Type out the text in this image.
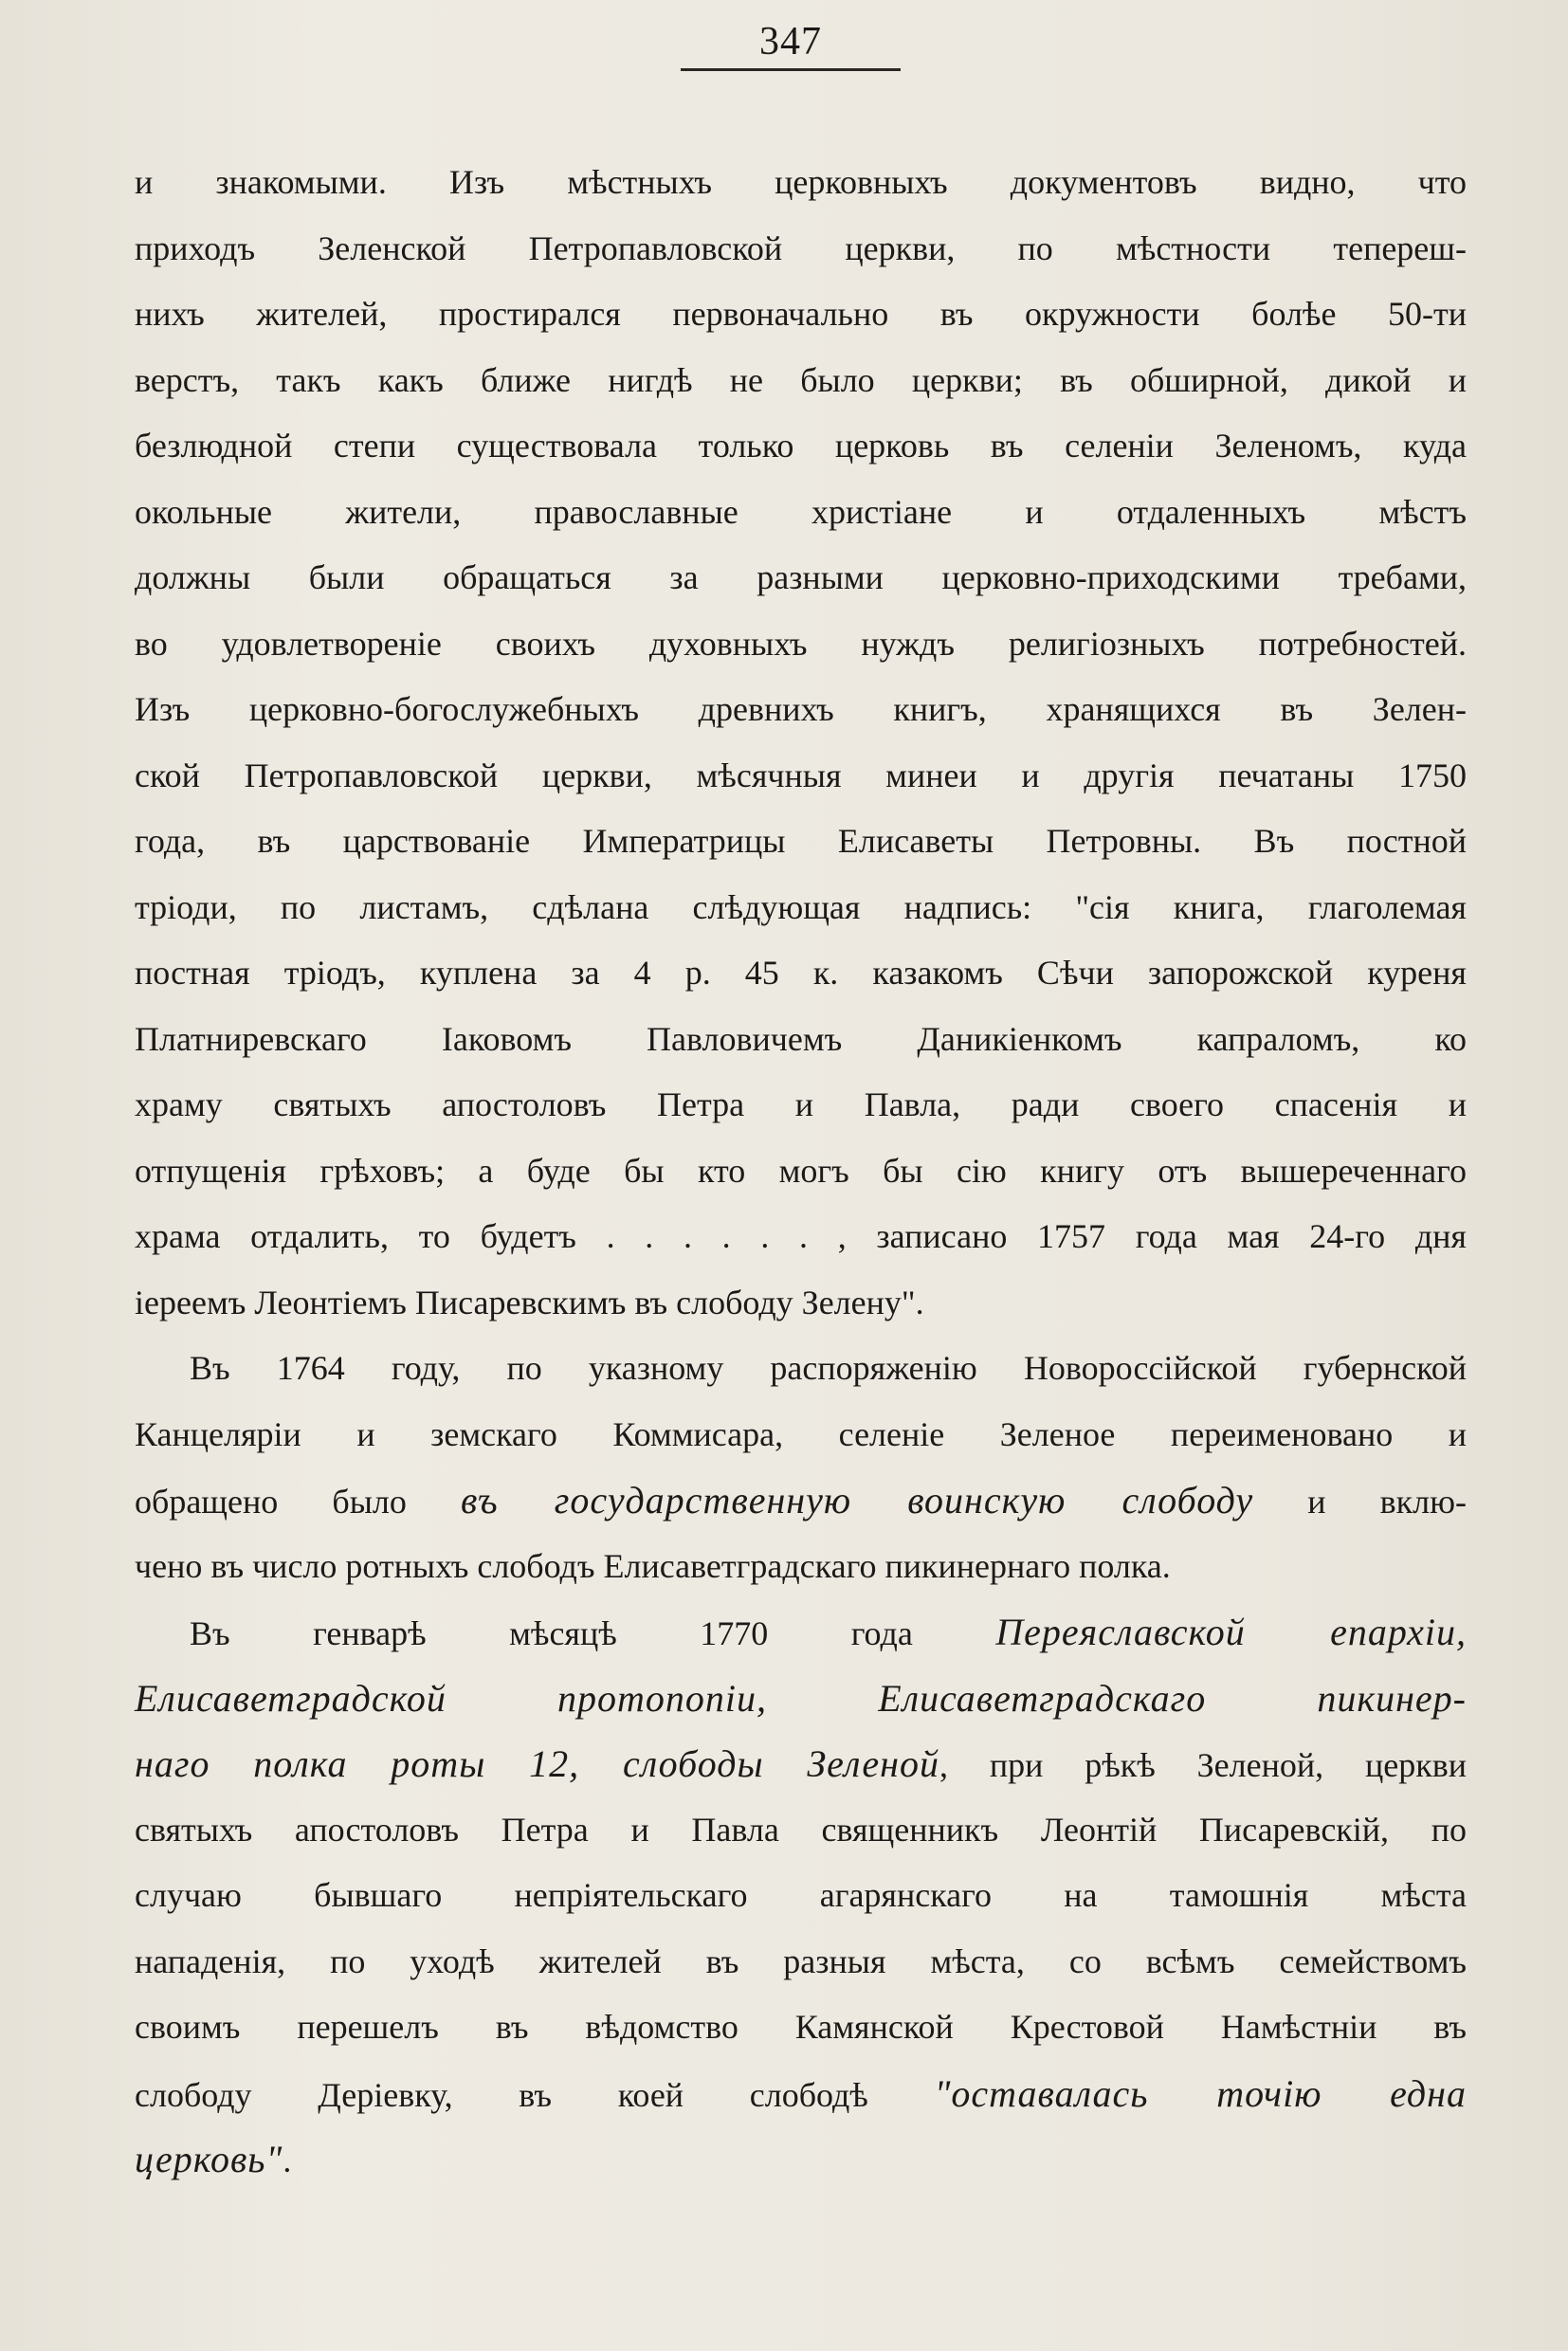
347
и знакомыми. Изъ мѣстныхъ церковныхъ документовъ видно, что
приходъ Зеленской Петропавловской церкви, по мѣстности тепереш-
нихъ жителей, простирался первоначально въ окружности болѣе 50-ти
верстъ, такъ какъ ближе нигдѣ не было церкви; въ обширной, дикой и
безлюдной степи существовала только церковь въ селеніи Зеленомъ, куда
окольные жители, православные христіане и отдаленныхъ мѣстъ
должны были обращаться за разными церковно-приходскими требами,
во удовлетвореніе своихъ духовныхъ нуждъ религіозныхъ потребностей.
Изъ церковно-богослужебныхъ древнихъ книгъ, хранящихся въ Зелен-
ской Петропавловской церкви, мѣсячныя минеи и другія печатаны 1750
года, въ царствованіе Императрицы Елисаветы Петровны. Въ постной
тріоди, по листамъ, сдѣлана слѣдующая надпись: "сія книга, глаголемая
постная тріодъ, куплена за 4 р. 45 к. казакомъ Сѣчи запорожской куреня
Платниревскаго Іаковомъ Павловичемъ Даникіенкомъ капраломъ, ко
храму святыхъ апостоловъ Петра и Павла, ради своего спасенія и
отпущенія грѣховъ; а буде бы кто могъ бы сію книгу отъ вышереченнаго
храма отдалить, то будетъ . . . . . . , записано 1757 года мая 24-го дня
іереемъ Леонтіемъ Писаревскимъ въ слободу Зелену".
Въ 1764 году, по указному распоряженію Новороссійской губернской
Канцеляріи и земскаго Коммисара, селеніе Зеленое переименовано и
обращено было въ государственную воинскую слободу и вклю-
чено въ число ротныхъ слободъ Елисаветградскаго пикинернаго полка.
Въ генварѣ мѣсяцѣ 1770 года Переяславской епархіи,
Елисаветградской протопопіи, Елисаветградскаго пикинер-
наго полка роты 12, слободы Зеленой, при рѣкѣ Зеленой, церкви
святыхъ апостоловъ Петра и Павла священникъ Леонтій Писаревскій, по
случаю бывшаго непріятельскаго агарянскаго на тамошнія мѣста
нападенія, по уходѣ жителей въ разныя мѣста, со всѣмъ семействомъ
своимъ перешелъ въ вѣдомство Камянской Крестовой Намѣстніи въ
слободу Деріевку, въ коей слободѣ "оставалась точію една
церковь".
